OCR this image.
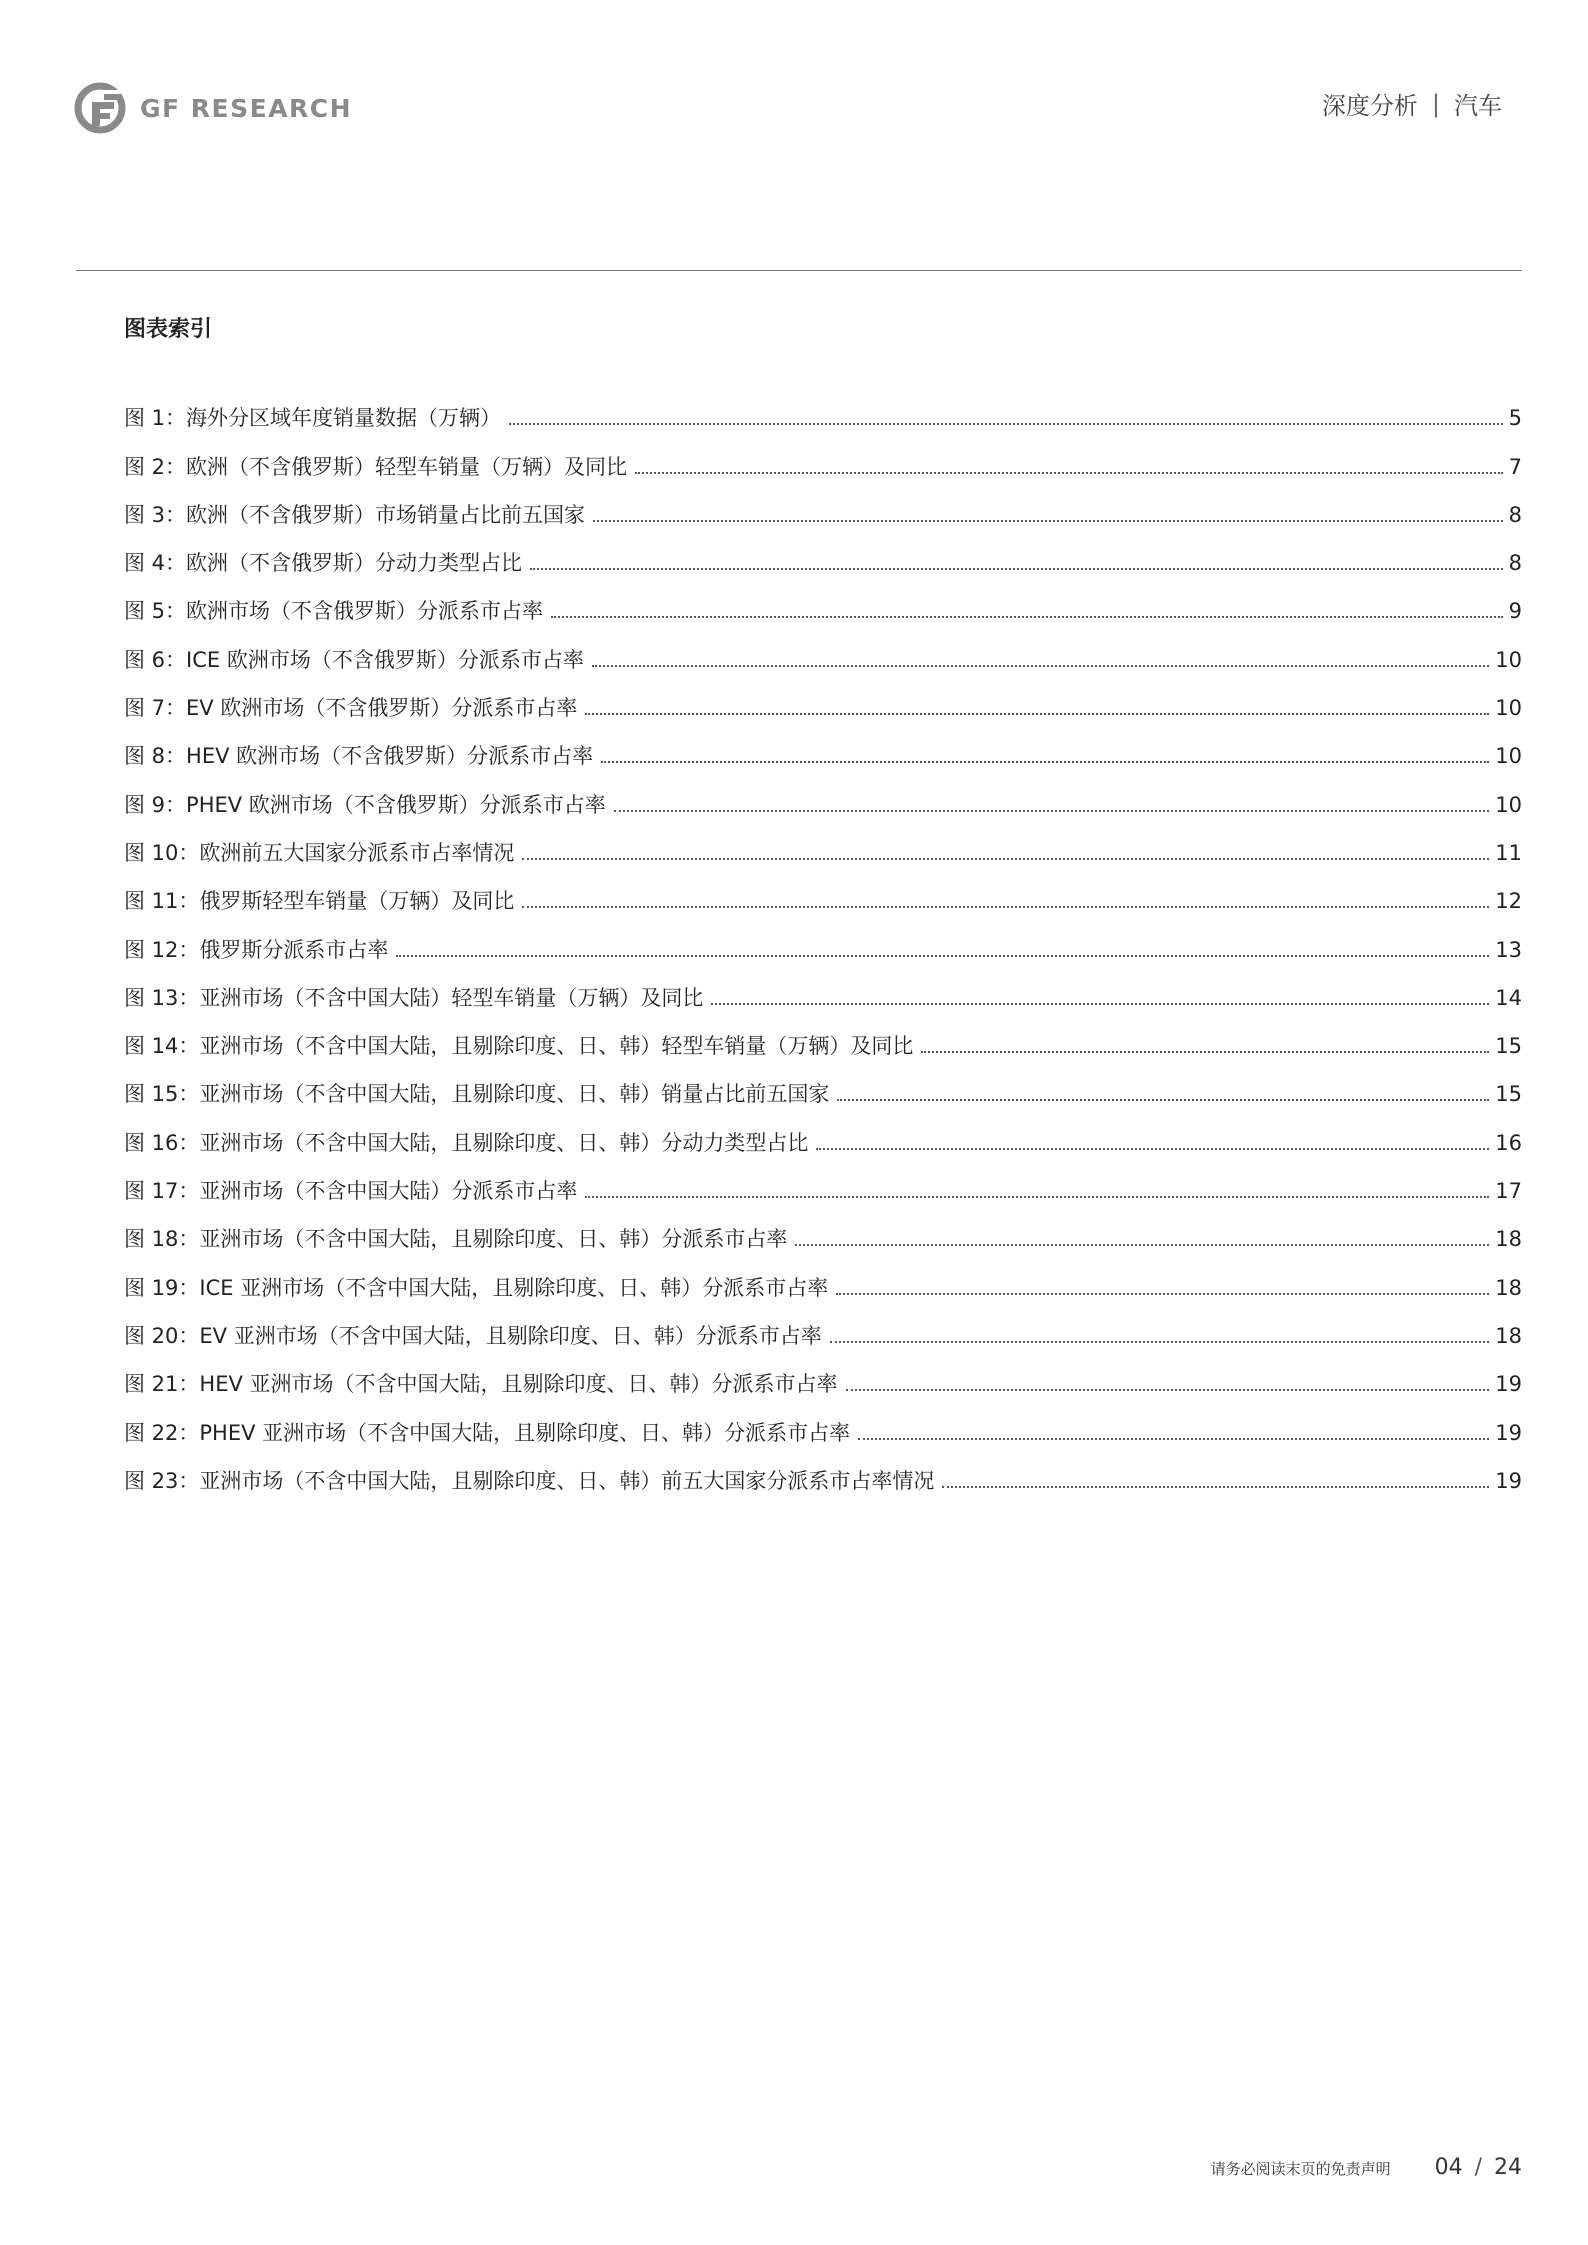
GF RESEARCH	深度分析 | 汽车
图表索引
图 1：海外分区域年度销量数据（万辆）	5
图 2：欧洲（不含俄罗斯）轻型车销量（万辆）及同比	7
图 3：欧洲（不含俄罗斯）市场销量占比前五国家	8
图 4：欧洲（不含俄罗斯）分动力类型占比	8
图 5：欧洲市场（不含俄罗斯）分派系市占率	9
图 6：ICE 欧洲市场（不含俄罗斯）分派系市占率	10
图 7：EV 欧洲市场（不含俄罗斯）分派系市占率	10
图 8：HEV 欧洲市场（不含俄罗斯）分派系市占率	10
图 9：PHEV 欧洲市场（不含俄罗斯）分派系市占率	10
图 10：欧洲前五大国家分派系市占率情况	11
图 11：俄罗斯轻型车销量（万辆）及同比	12
图 12：俄罗斯分派系市占率	13
图 13：亚洲市场（不含中国大陆）轻型车销量（万辆）及同比	14
图 14：亚洲市场（不含中国大陆，且剔除印度、日、韩）轻型车销量（万辆）及同比	15
图 15：亚洲市场（不含中国大陆，且剔除印度、日、韩）销量占比前五国家	15
图 16：亚洲市场（不含中国大陆，且剔除印度、日、韩）分动力类型占比	16
图 17：亚洲市场（不含中国大陆）分派系市占率	17
图 18：亚洲市场（不含中国大陆，且剔除印度、日、韩）分派系市占率	18
图 19：ICE 亚洲市场（不含中国大陆，且剔除印度、日、韩）分派系市占率	18
图 20：EV 亚洲市场（不含中国大陆，且剔除印度、日、韩）分派系市占率	18
图 21：HEV 亚洲市场（不含中国大陆，且剔除印度、日、韩）分派系市占率	19
图 22：PHEV 亚洲市场（不含中国大陆，且剔除印度、日、韩）分派系市占率	19
图 23：亚洲市场（不含中国大陆，且剔除印度、日、韩）前五大国家分派系市占率情况	19
请务必阅读末页的免责声明 04 / 24
